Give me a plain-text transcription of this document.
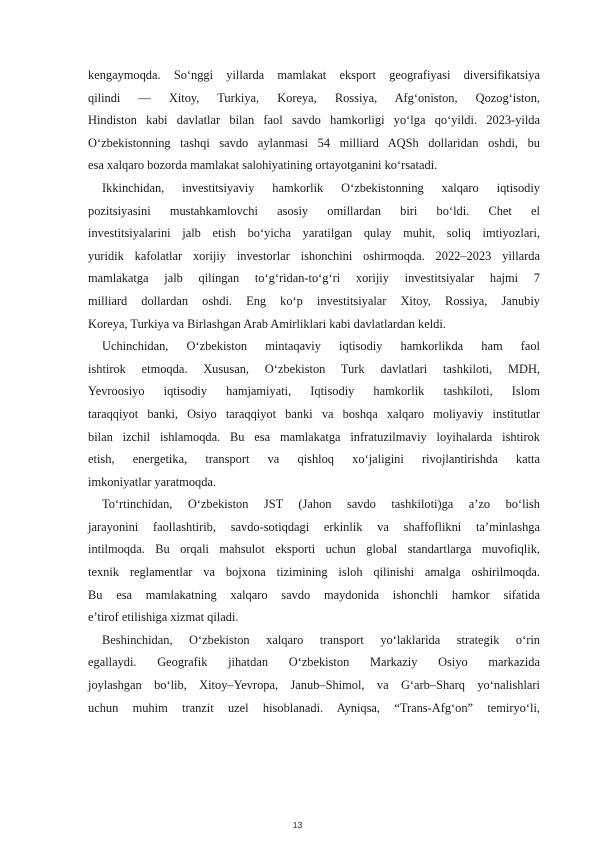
kengaymoqda. So‘nggi yillarda mamlakat eksport geografiyasi diversifikatsiya
qilindi — Xitoy, Turkiya, Koreya, Rossiya, Afg‘oniston, Qozog‘iston,
Hindiston kabi davlatlar bilan faol savdo hamkorligi yo‘lga qo‘yildi. 2023-yilda
O‘zbekistonning tashqi savdo aylanmasi 54 milliard AQSh dollaridan oshdi, bu
esa xalqaro bozorda mamlakat salohiyatining ortayotganini ko‘rsatadi.
Ikkinchidan, investitsiyaviy hamkorlik O‘zbekistonning xalqaro iqtisodiy
pozitsiyasini mustahkamlovchi asosiy omillardan biri bo‘ldi. Chet el
investitsiyalarini jalb etish bo‘yicha yaratilgan qulay muhit, soliq imtiyozlari,
yuridik kafolatlar xorijiy investorlar ishonchini oshirmoqda. 2022–2023 yillarda
mamlakatga jalb qilingan to‘g‘ridan-to‘g‘ri xorijiy investitsiyalar hajmi 7
milliard dollardan oshdi. Eng ko‘p investitsiyalar Xitoy, Rossiya, Janubiy
Koreya, Turkiya va Birlashgan Arab Amirliklari kabi davlatlardan keldi.
Uchinchidan, O‘zbekiston mintaqaviy iqtisodiy hamkorlikda ham faol
ishtirok etmoqda. Xususan, O‘zbekiston Turk davlatlari tashkiloti, MDH,
Yevroosiyo iqtisodiy hamjamiyati, Iqtisodiy hamkorlik tashkiloti, Islom
taraqqiyot banki, Osiyo taraqqiyot banki va boshqa xalqaro moliyaviy institutlar
bilan izchil ishlamoqda. Bu esa mamlakatga infratuzilmaviy loyihalarda ishtirok
etish, energetika, transport va qishloq xo‘jaligini rivojlantirishda katta
imkoniyatlar yaratmoqda.
To‘rtinchidan, O‘zbekiston JST (Jahon savdo tashkiloti)ga a’zo bo‘lish
jarayonini faollashtirib, savdo-sotiqdagi erkinlik va shaffoflikni ta’minlashga
intilmoqda. Bu orqali mahsulot eksporti uchun global standartlarga muvofiqlik,
texnik reglamentlar va bojxona tizimining isloh qilinishi amalga oshirilmoqda.
Bu esa mamlakatning xalqaro savdo maydonida ishonchli hamkor sifatida
e’tirof etilishiga xizmat qiladi.
Beshinchidan, O‘zbekiston xalqaro transport yo‘laklarida strategik o‘rin
egallaydi. Geografik jihatdan O‘zbekiston Markaziy Osiyo markazida
joylashgan bo‘lib, Xitoy–Yevropa, Janub–Shimol, va G‘arb–Sharq yo‘nalishlari
uchun muhim tranzit uzel hisoblanadi. Ayniqsa, “Trans-Afg‘on” temiryo‘li,
13
